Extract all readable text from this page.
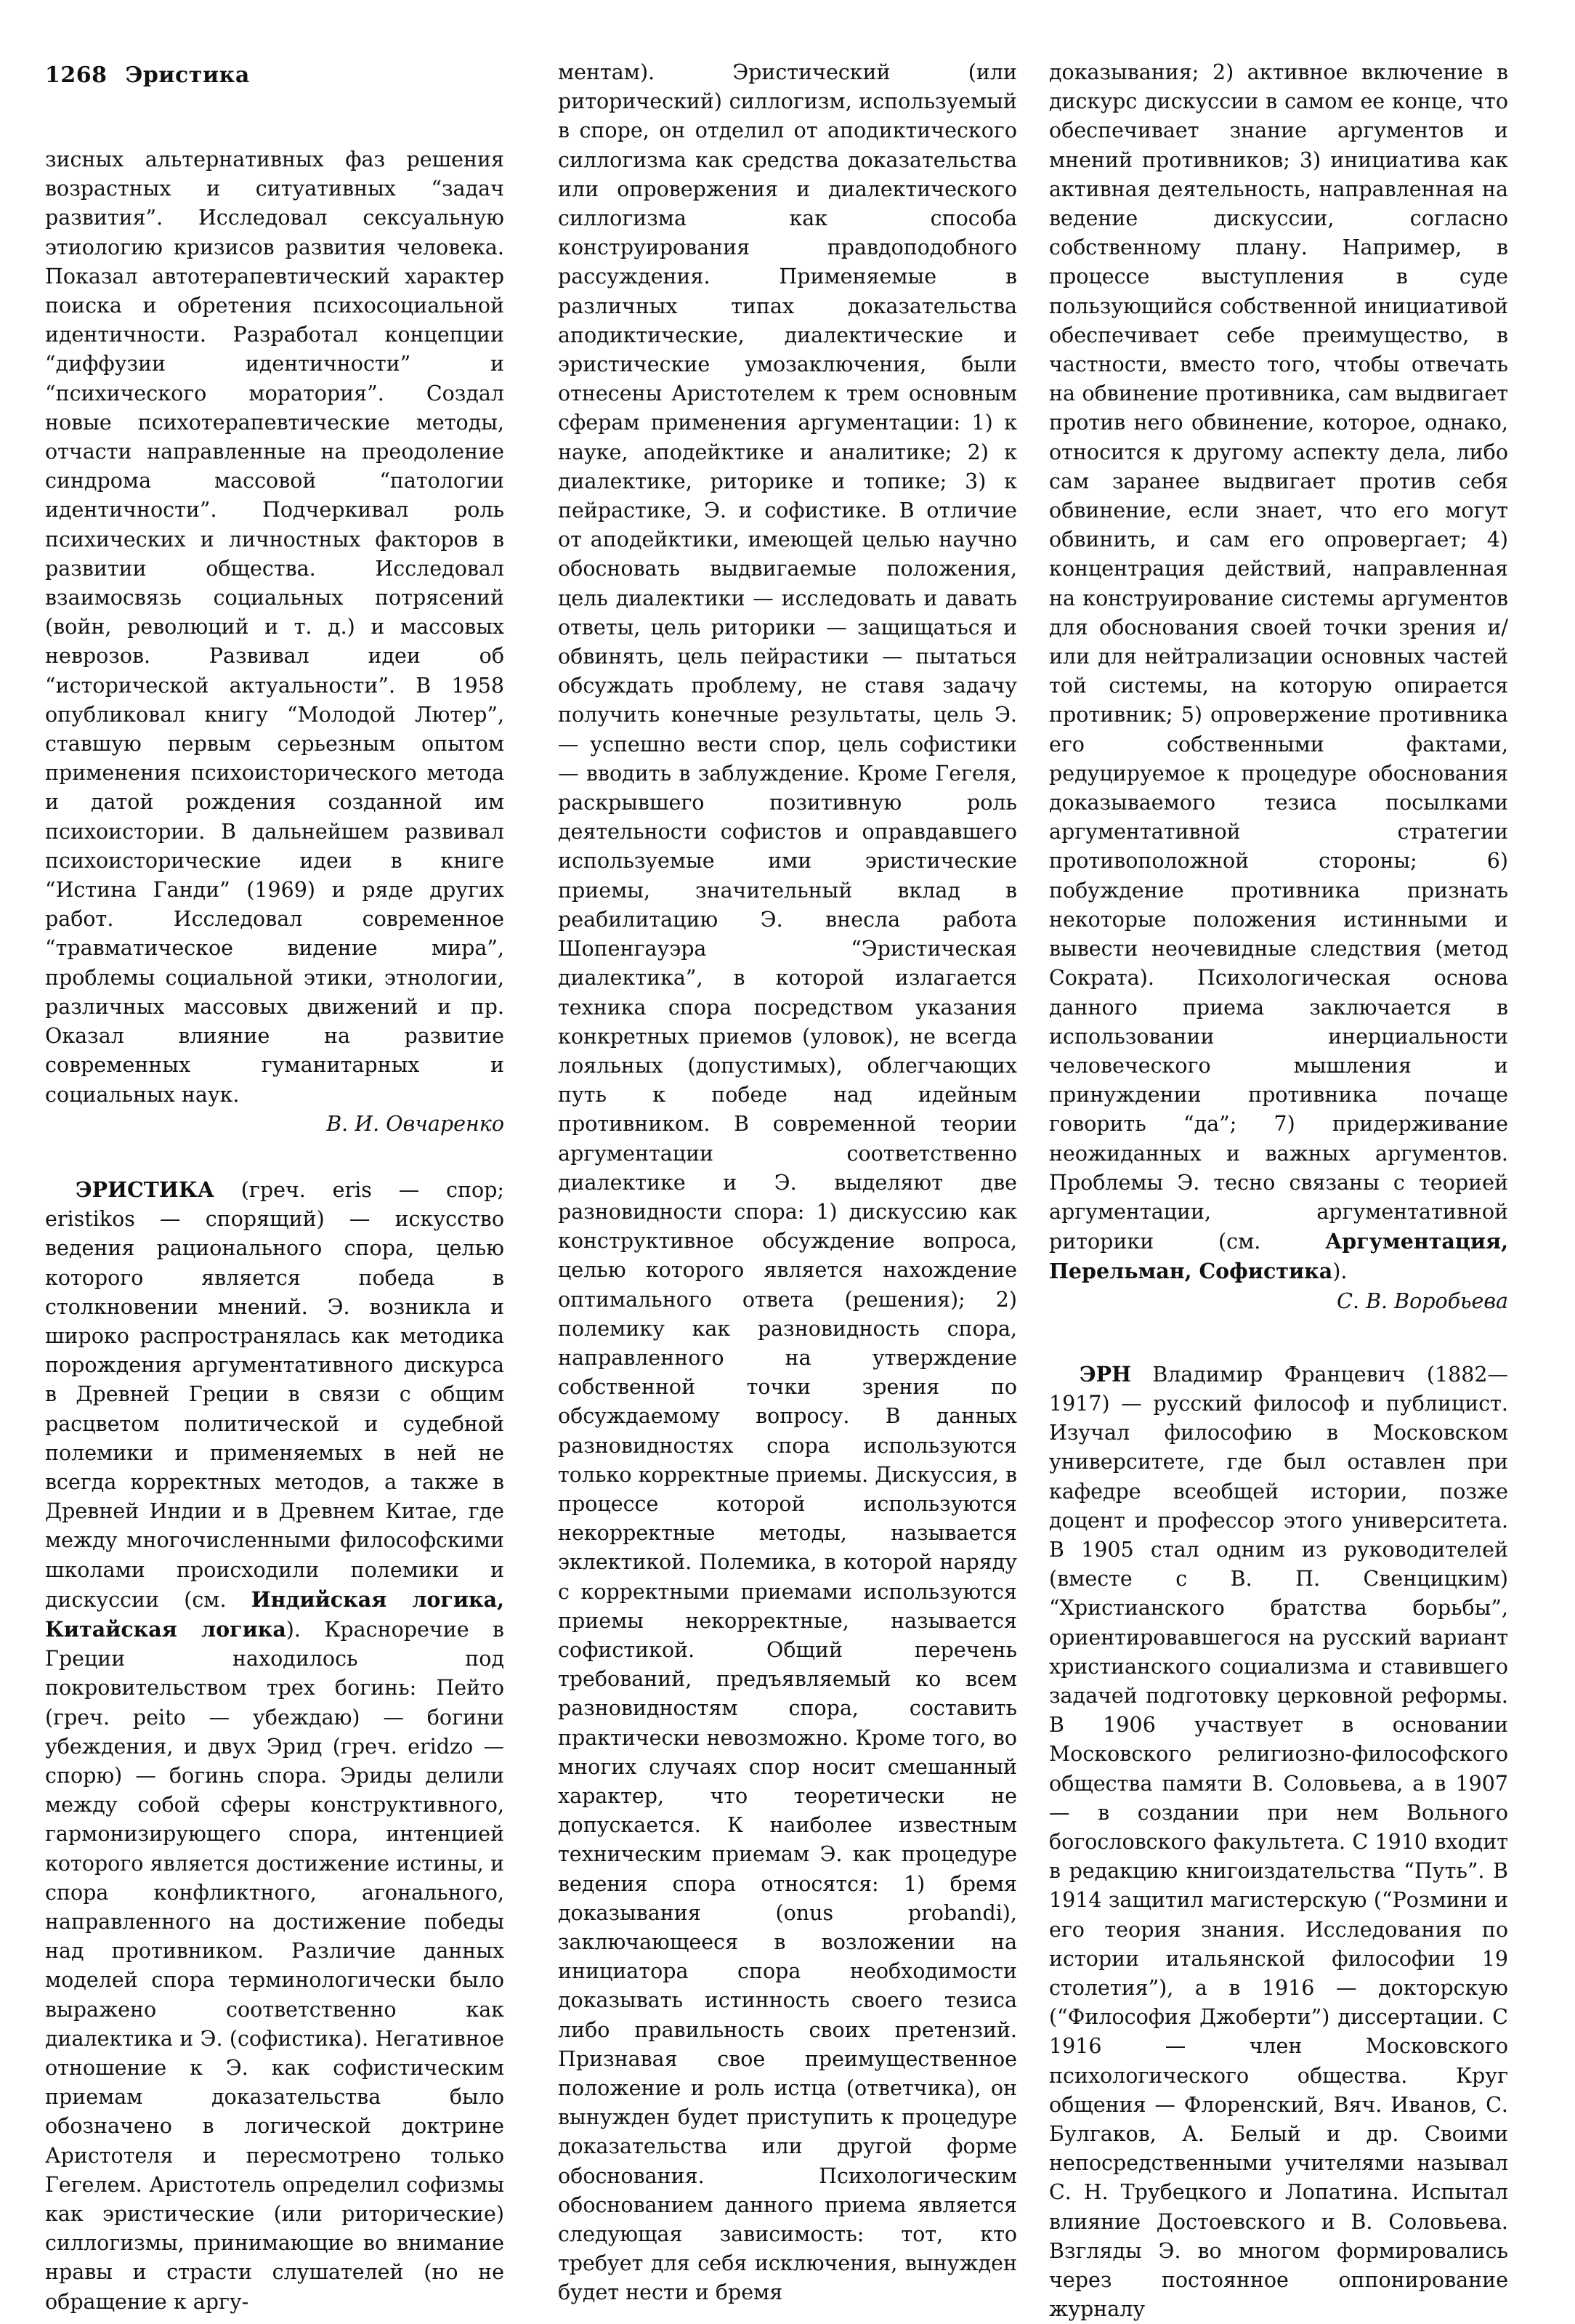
1268 Эристика

зисных альтернативных фаз решения возрастных и ситуативных “задач развития”. Исследовал сексуальную этиологию кризисов развития человека. Показал автотерапевтический характер поиска и обретения психосоциальной идентичности. Разработал концепции “диффузии идентичности” и “психического моратория”. Создал новые психотерапевтические методы, отчасти направленные на преодоление синдрома массовой “патологии идентичности”. Подчеркивал роль психических и личностных факторов в развитии общества. Исследовал взаимосвязь социальных потрясений (войн, революций и т. д.) и массовых неврозов. Развивал идеи об “исторической актуальности”. В 1958 опубликовал книгу “Молодой Лютер”, ставшую первым серьезным опытом применения психоисторического метода и датой рождения созданной им психоистории. В дальнейшем развивал психоисторические идеи в книге “Истина Ганди” (1969) и ряде других работ. Исследовал современное “травматическое видение мира”, проблемы социальной этики, этнологии, различных массовых движений и пр. Оказал влияние на развитие современных гуманитарных и социальных наук.

В. И. Овчаренко

ЭРИСТИКА (греч. eris — спор; eristikos — спорящий) — искусство ведения рационального спора, целью которого является победа в столкновении мнений. Э. возникла и широко распространялась как методика порождения аргументативного дискурса в Древней Греции в связи с общим расцветом политической и судебной полемики и применяемых в ней не всегда корректных методов, а также в Древней Индии и в Древнем Китае, где между многочисленными философскими школами происходили полемики и дискуссии (см. Индийская логика, Китайская логика). Красноречие в Греции находилось под покровительством трех богинь: Пейто (греч. peito — убеждаю) — богини убеждения, и двух Эрид (греч. eridzo — спорю) — богинь спора. Эриды делили между собой сферы конструктивного, гармонизирующего спора, интенцией которого является достижение истины, и спора конфликтного, агонального, направленного на достижение победы над противником. Различие данных моделей спора терминологически было выражено соответственно как диалектика и Э. (софистика). Негативное отношение к Э. как софистическим приемам доказательства было обозначено в логической доктрине Аристотеля и пересмотрено только Гегелем. Аристотель определил софизмы как эристические (или риторические) силлогизмы, принимающие во внимание нравы и страсти слушателей (но не обращение к аргу-

ментам). Эристический (или риторический) силлогизм, используемый в споре, он отделил от аподиктического силлогизма как средства доказательства или опровержения и диалектического силлогизма как способа конструирования правдоподобного рассуждения. Применяемые в различных типах доказательства аподиктические, диалектические и эристические умозаключения, были отнесены Аристотелем к трем основным сферам применения аргументации: 1) к науке, аподейктике и аналитике; 2) к диалектике, риторике и топике; 3) к пейрастике, Э. и софистике. В отличие от аподейктики, имеющей целью научно обосновать выдвигаемые положения, цель диалектики — исследовать и давать ответы, цель риторики — защищаться и обвинять, цель пейрастики — пытаться обсуждать проблему, не ставя задачу получить конечные результаты, цель Э. — успешно вести спор, цель софистики — вводить в заблуждение. Кроме Гегеля, раскрывшего позитивную роль деятельности софистов и оправдавшего используемые ими эристические приемы, значительный вклад в реабилитацию Э. внесла работа Шопенгауэра “Эристическая диалектика”, в которой излагается техника спора посредством указания конкретных приемов (уловок), не всегда лояльных (допустимых), облегчающих путь к победе над идейным противником. В современной теории аргументации соответственно диалектике и Э. выделяют две разновидности спора: 1) дискуссию как конструктивное обсуждение вопроса, целью которого является нахождение оптимального ответа (решения); 2) полемику как разновидность спора, направленного на утверждение собственной точки зрения по обсуждаемому вопросу. В данных разновидностях спора используются только корректные приемы. Дискуссия, в процессе которой используются некорректные методы, называется эклектикой. Полемика, в которой наряду с корректными приемами используются приемы некорректные, называется софистикой. Общий перечень требований, предъявляемый ко всем разновидностям спора, составить практически невозможно. Кроме того, во многих случаях спор носит смешанный характер, что теоретически не допускается. К наиболее известным техническим приемам Э. как процедуре ведения спора относятся: 1) бремя доказывания (onus probandi), заключающееся в возложении на инициатора спора необходимости доказывать истинность своего тезиса либо правильность своих претензий. Признавая свое преимущественное положение и роль истца (ответчика), он вынужден будет приступить к процедуре доказательства или другой форме обоснования. Психологическим обоснованием данного приема является следующая зависимость: тот, кто требует для себя исключения, вынужден будет нести и бремя

доказывания; 2) активное включение в дискурс дискуссии в самом ее конце, что обеспечивает знание аргументов и мнений противников; 3) инициатива как активная деятельность, направленная на ведение дискуссии, согласно собственному плану. Например, в процессе выступления в суде пользующийся собственной инициативой обеспечивает себе преимущество, в частности, вместо того, чтобы отвечать на обвинение противника, сам выдвигает против него обвинение, которое, однако, относится к другому аспекту дела, либо сам заранее выдвигает против себя обвинение, если знает, что его могут обвинить, и сам его опровергает; 4) концентрация действий, направленная на конструирование системы аргументов для обоснования своей точки зрения и/или для нейтрализации основных частей той системы, на которую опирается противник; 5) опровержение противника его собственными фактами, редуцируемое к процедуре обоснования доказываемого тезиса посылками аргументативной стратегии противоположной стороны; 6) побуждение противника признать некоторые положения истинными и вывести неочевидные следствия (метод Сократа). Психологическая основа данного приема заключается в использовании инерциальности человеческого мышления и принуждении противника почаще говорить “да”; 7) придерживание неожиданных и важных аргументов. Проблемы Э. тесно связаны с теорией аргументации, аргументативной риторики (см. Аргументация, Перельман, Софистика).

С. В. Воробьева

ЭРН Владимир Францевич (1882—1917) — русский философ и публицист. Изучал философию в Московском университете, где был оставлен при кафедре всеобщей истории, позже доцент и профессор этого университета. В 1905 стал одним из руководителей (вместе с В. П. Свенцицким) “Христианского братства борьбы”, ориентировавшегося на русский вариант христианского социализма и ставившего задачей подготовку церковной реформы. В 1906 участвует в основании Московского религиозно-философского общества памяти В. Соловьева, а в 1907 — в создании при нем Вольного богословского факультета. С 1910 входит в редакцию книгоиздательства “Путь”. В 1914 защитил магистерскую (“Розмини и его теория знания. Исследования по истории итальянской философии 19 столетия”), а в 1916 — докторскую (“Философия Джоберти”) диссертации. С 1916 — член Московского психологического общества. Круг общения — Флоренский, Вяч. Иванов, С. Булгаков, А. Белый и др. Своими непосредственными учителями называл С. Н. Трубецкого и Лопатина. Испытал влияние Достоевского и В. Соловьева. Взгляды Э. во многом формировались через постоянное оппонирование журналу
